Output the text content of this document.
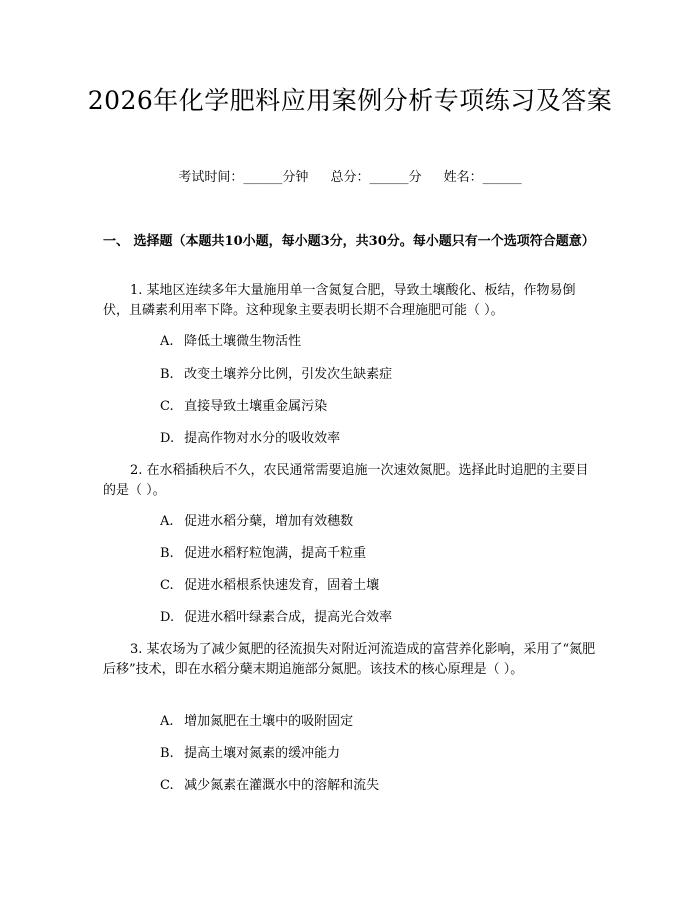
2026年化学肥料应用案例分析专项练习及答案
考试时间：______分钟 总分：______分 姓名：______
一、 选择题（本题共10小题，每小题3分，共30分。每小题只有一个选项符合题意）
1. 某地区连续多年大量施用单一含氮复合肥，导致土壤酸化、板结，作物易倒伏，且磷素利用率下降。这种现象主要表明长期不合理施肥可能（ ）。
A. 降低土壤微生物活性
B. 改变土壤养分比例，引发次生缺素症
C. 直接导致土壤重金属污染
D. 提高作物对水分的吸收效率
2. 在水稻插秧后不久，农民通常需要追施一次速效氮肥。选择此时追肥的主要目的是（ ）。
A. 促进水稻分蘖，增加有效穗数
B. 促进水稻籽粒饱满，提高千粒重
C. 促进水稻根系快速发育，固着土壤
D. 促进水稻叶绿素合成，提高光合效率
3. 某农场为了减少氮肥的径流损失对附近河流造成的富营养化影响，采用了“氮肥后移”技术，即在水稻分蘖末期追施部分氮肥。该技术的核心原理是（ ）。
A. 增加氮肥在土壤中的吸附固定
B. 提高土壤对氮素的缓冲能力
C. 减少氮素在灌溉水中的溶解和流失
